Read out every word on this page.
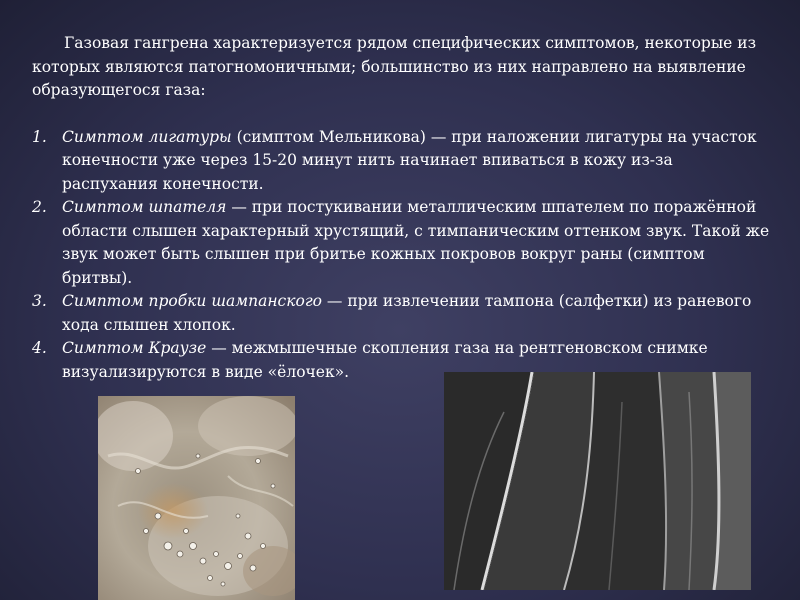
Газовая гангрена характеризуется рядом специфических симптомов, некоторые из которых являются патогномоничными; большинство из них направлено на выявление образующегося газа:

1. Симптом лигатуры (симптом Мельникова) — при наложении лигатуры на участок конечности уже через 15-20 минут нить начинает впиваться в кожу из-за распухания конечности.
2. Симптом шпателя — при постукивании металлическим шпателем по поражённой области слышен характерный хрустящий, с тимпаническим оттенком звук. Такой же звук может быть слышен при бритье кожных покровов вокруг раны (симптом бритвы).
3. Симптом пробки шампанского — при извлечении тампона (салфетки) из раневого хода слышен хлопок.
4. Симптом Краузе — межмышечные скопления газа на рентгеновском снимке визуализируются в виде «ёлочек».
